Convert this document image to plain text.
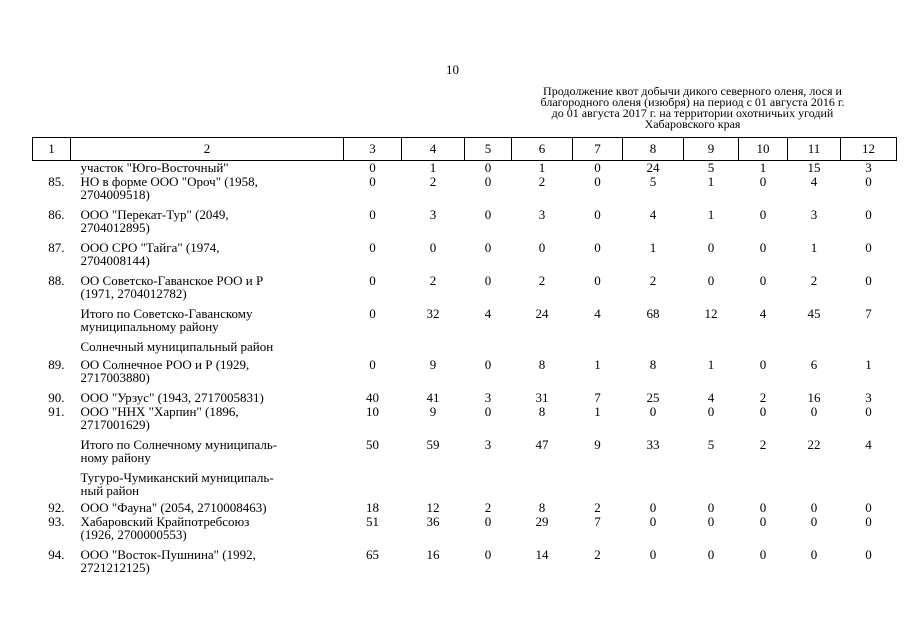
10
Продолжение квот добычи дикого северного оленя, лося и
благородного оленя (изюбря) на период с 01 августа 2016 г.
до 01 августа 2017 г. на территории охотничьих угодий
Хабаровского края
1	2	3	4	5	6	7	8	9	10	11	12

	участок "Юго-Восточный"	0	1	0	1	0	24	5	1	15	3
85.	НО в форме ООО "Ороч" (1958,
2704009518)	0	2	0	2	0	5	1	0	4	0
86.	ООО "Перекат-Тур" (2049,
2704012895)	0	3	0	3	0	4	1	0	3	0
87.	ООО СРО "Тайга" (1974,
2704008144)	0	0	0	0	0	1	0	0	1	0
88.	ОО Советско-Гаванское РОО и Р
(1971, 2704012782)	0	2	0	2	0	2	0	0	2	0

	Итого по Советско-Гаванскому
муниципальному району	0	32	4	24	4	68	12	4	45	7

	Солнечный муниципальный район										

89.	ОО Солнечное РОО и Р (1929,
2717003880)	0	9	0	8	1	8	1	0	6	1
90.	ООО "Урзус" (1943, 2717005831)	40	41	3	31	7	25	4	2	16	3
91.	ООО "ННХ "Харпин" (1896,
2717001629)	10	9	0	8	1	0	0	0	0	0

	Итого по Солнечному муниципаль-
ному району	50	59	3	47	9	33	5	2	22	4

	Тугуро-Чумиканский муниципаль-
ный район										

92.	ООО "Фауна" (2054, 2710008463)	18	12	2	8	2	0	0	0	0	0
93.	Хабаровский Крайпотребсоюз
(1926, 2700000553)	51	36	0	29	7	0	0	0	0	0
94.	ООО "Восток-Пушнина" (1992,
2721212125)	65	16	0	14	2	0	0	0	0	0
